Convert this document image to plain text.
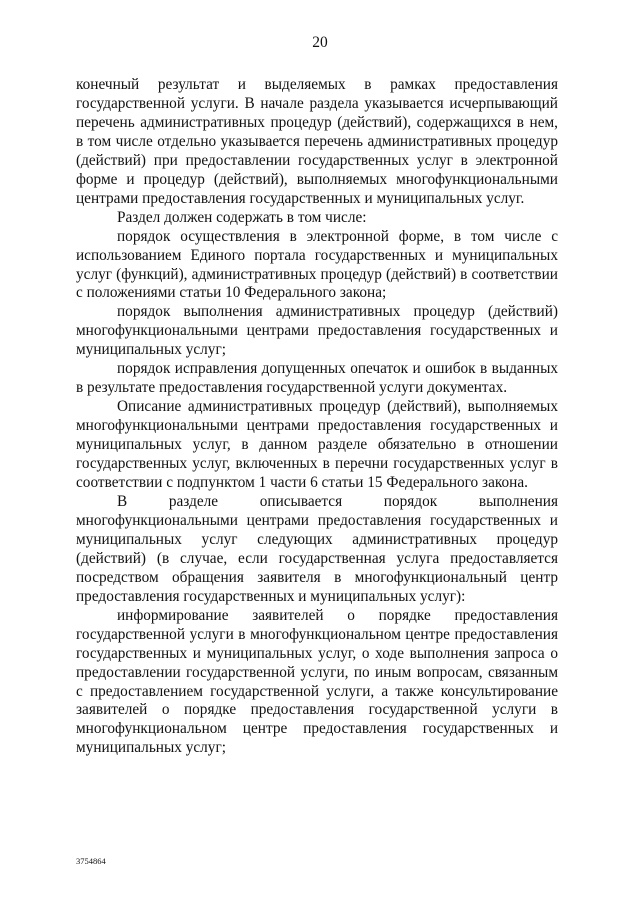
20

конечный результат и выделяемых в рамках предоставления государственной услуги. В начале раздела указывается исчерпывающий перечень административных процедур (действий), содержащихся в нем, в том числе отдельно указывается перечень административных процедур (действий) при предоставлении государственных услуг в электронной форме и процедур (действий), выполняемых многофункциональными центрами предоставления государственных и муниципальных услуг.

Раздел должен содержать в том числе:

порядок осуществления в электронной форме, в том числе с использованием Единого портала государственных и муниципальных услуг (функций), административных процедур (действий) в соответствии с положениями статьи 10 Федерального закона;

порядок выполнения административных процедур (действий) многофункциональными центрами предоставления государственных и муниципальных услуг;

порядок исправления допущенных опечаток и ошибок в выданных в результате предоставления государственной услуги документах.

Описание административных процедур (действий), выполняемых многофункциональными центрами предоставления государственных и муниципальных услуг, в данном разделе обязательно в отношении государственных услуг, включенных в перечни государственных услуг в соответствии с подпунктом 1 части 6 статьи 15 Федерального закона.

В разделе описывается порядок выполнения многофункциональными центрами предоставления государственных и муниципальных услуг следующих административных процедур (действий) (в случае, если государственная услуга предоставляется посредством обращения заявителя в многофункциональный центр предоставления государственных и муниципальных услуг):

информирование заявителей о порядке предоставления государственной услуги в многофункциональном центре предоставления государственных и муниципальных услуг, о ходе выполнения запроса о предоставлении государственной услуги, по иным вопросам, связанным с предоставлением государственной услуги, а также консультирование заявителей о порядке предоставления государственной услуги в многофункциональном центре предоставления государственных и муниципальных услуг;

3754864
